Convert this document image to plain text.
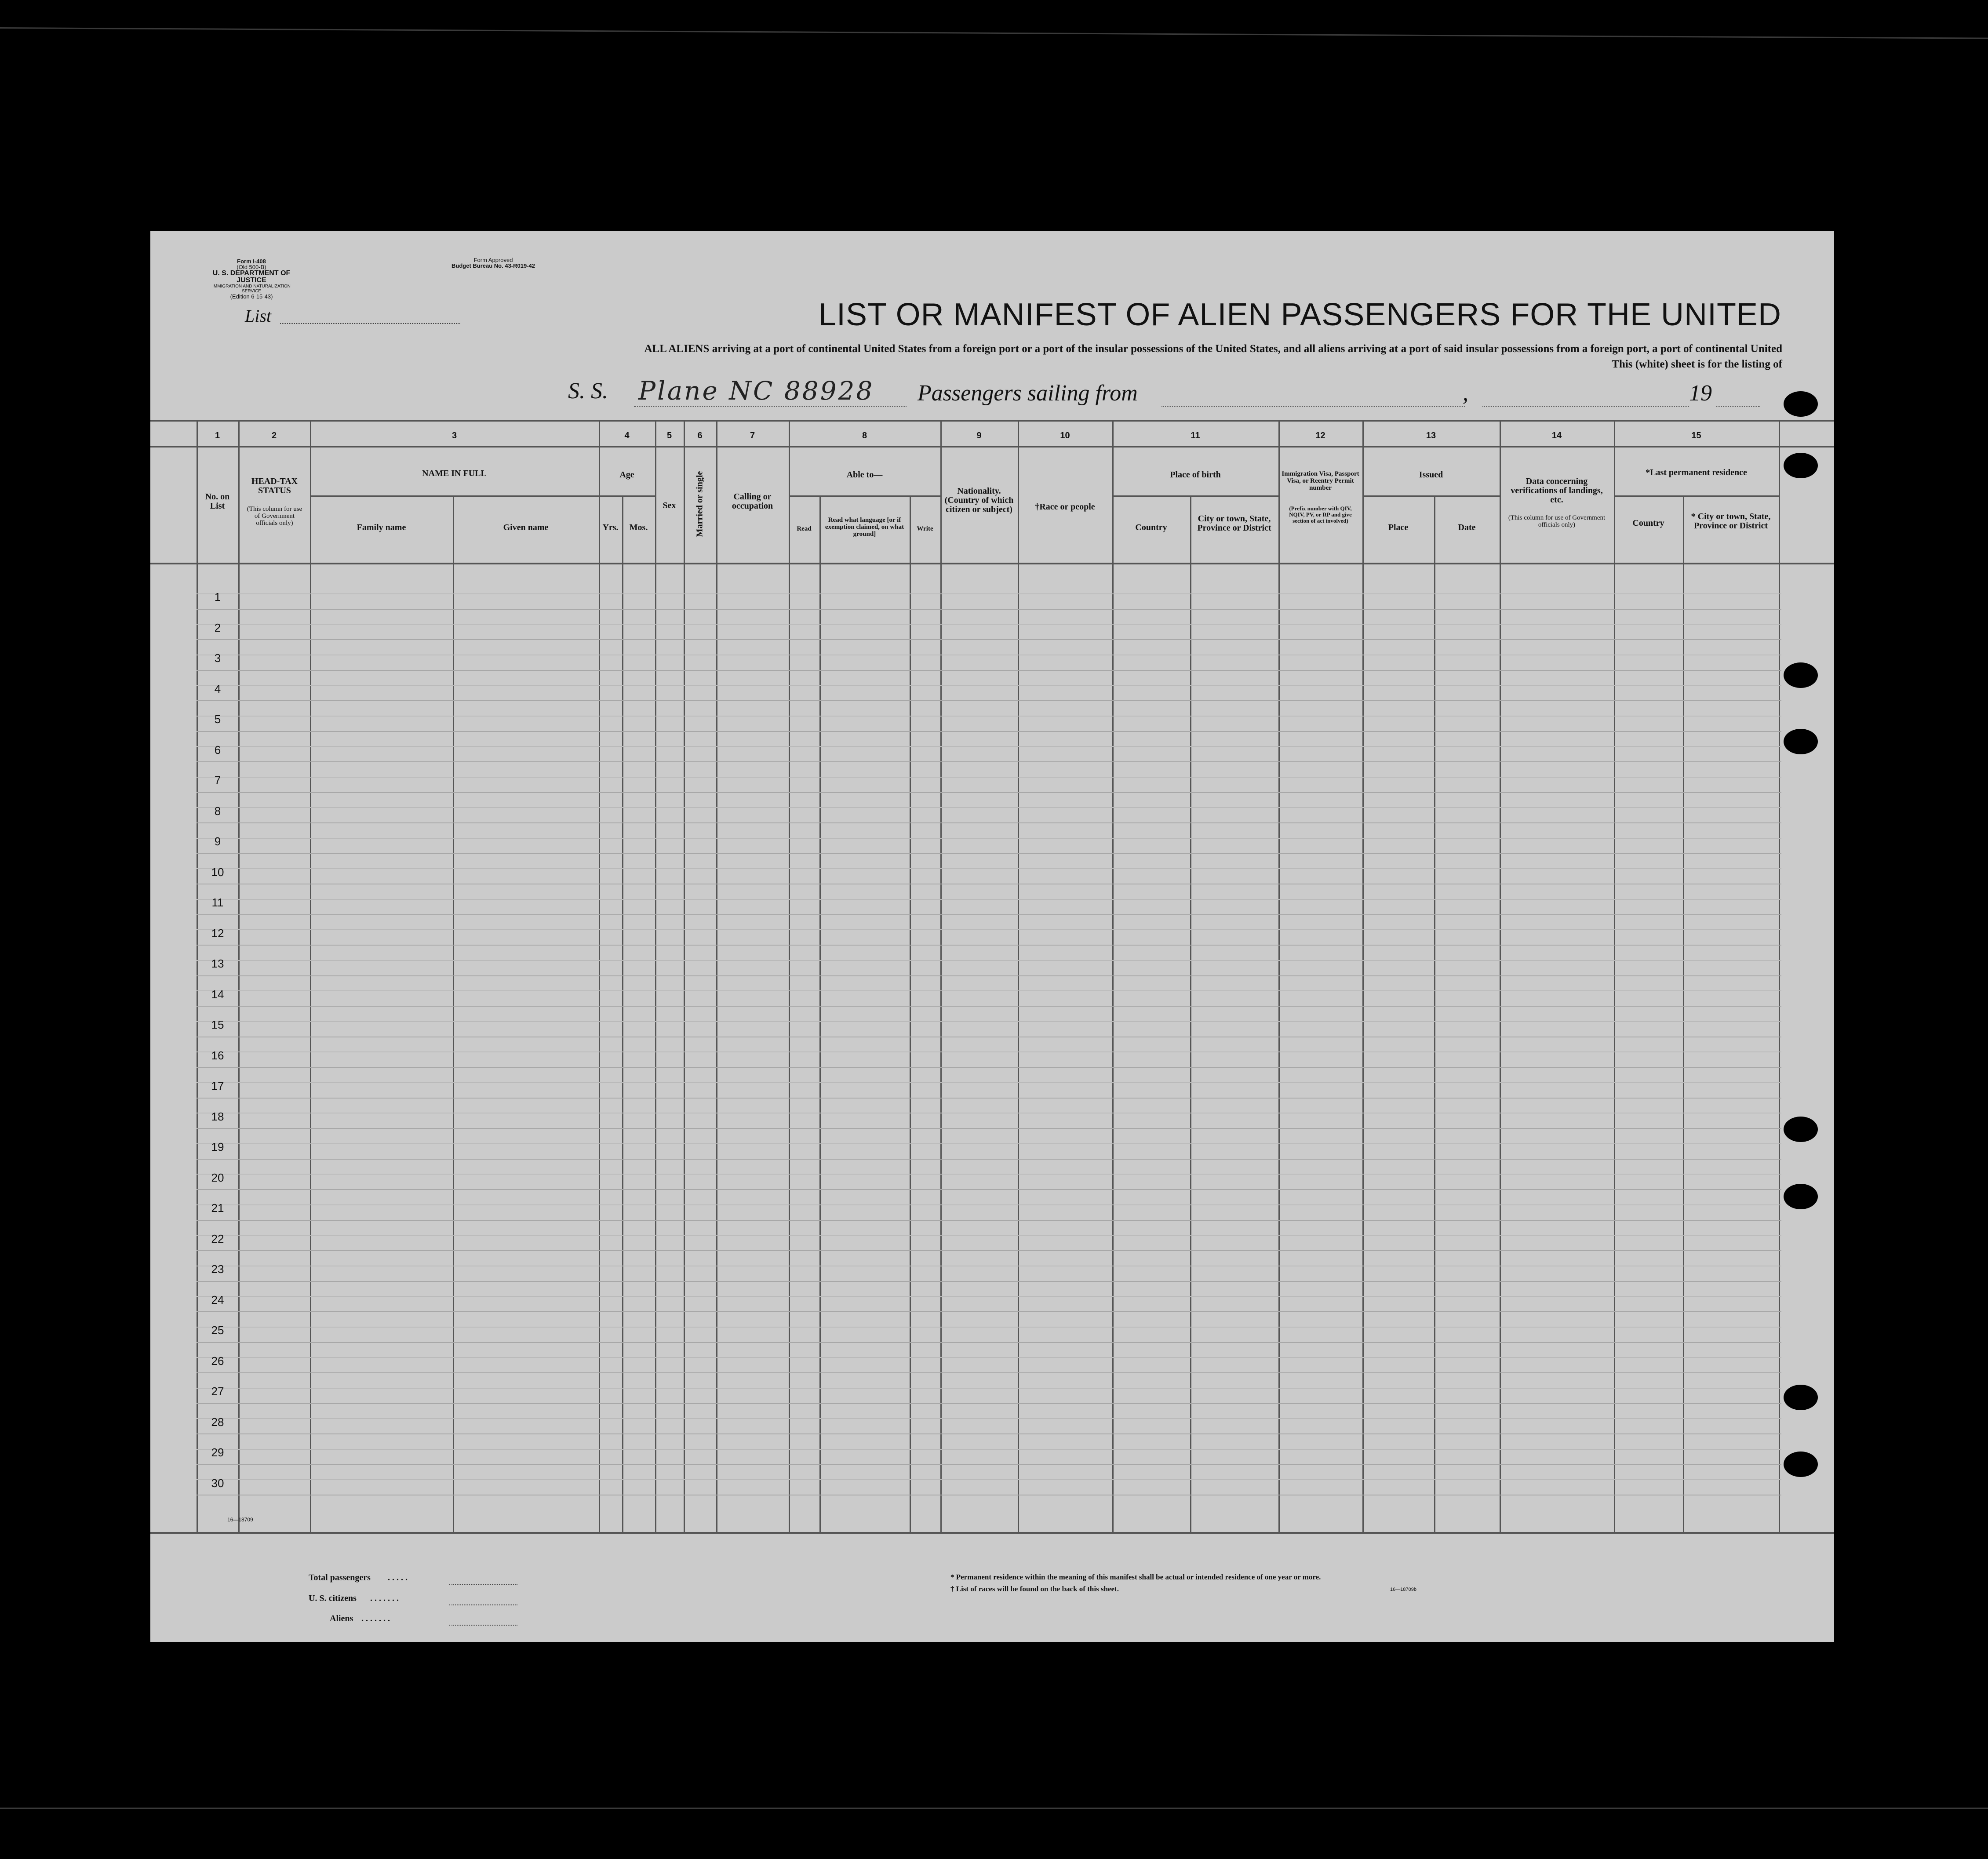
Form I-408
(Old 500-B)
U. S. DEPARTMENT OF JUSTICE
IMMIGRATION AND NATURALIZATION SERVICE
(Edition 6-15-43)
Form Approved
Budget Bureau No. 43-R019-42
List	LIST OR MANIFEST OF ALIEN PASSENGERS FOR THE UNITED
ALL ALIENS arriving at a port of continental United States from a foreign port or a port of the insular possessions of the United States, and all aliens arriving at a port of said insular possessions from a foreign port, a port of continental United
This (white) sheet is for the listing of
S. S. Plane NC 88928 Passengers sailing from	,	19
1	2	3	4	5	6	7	8	9	10	11	12	13	14	15
No. on List
HEAD-TAX STATUS
(This column for use of Government officials only)
NAME IN FULL
Family name	Given name
Age
Yrs.	Mos.
Sex	Married or single	Calling or occupation
Able to—
Read
Read what language [or if exemption claimed, on what ground]
Write
Nationality. (Country of which citizen or subject)	†Race or people
Place of birth
Country
City or town, State, Province or District
Immigration Visa, Passport Visa, or Reentry Permit number
(Prefix number with QIV, NQIV, PV, or RP and give section of act involved)
Issued
Place	Date
Data concerning verifications of landings, etc.
(This column for use of Government officials only)
*Last permanent residence
Country
* City or town, State, Province or District
1
2
3
4
5
6
7
8
9
10
11
12
13
14
15
16
17
18
19
20
21
22
23
24
25
26
27
28
29
30
16—18709
Total passengers . . . . .
U. S. citizens . . . . . . .
Aliens . . . . . . .
* Permanent residence within the meaning of this manifest shall be actual or intended residence of one year or more.
† List of races will be found on the back of this sheet.	16—18709b
